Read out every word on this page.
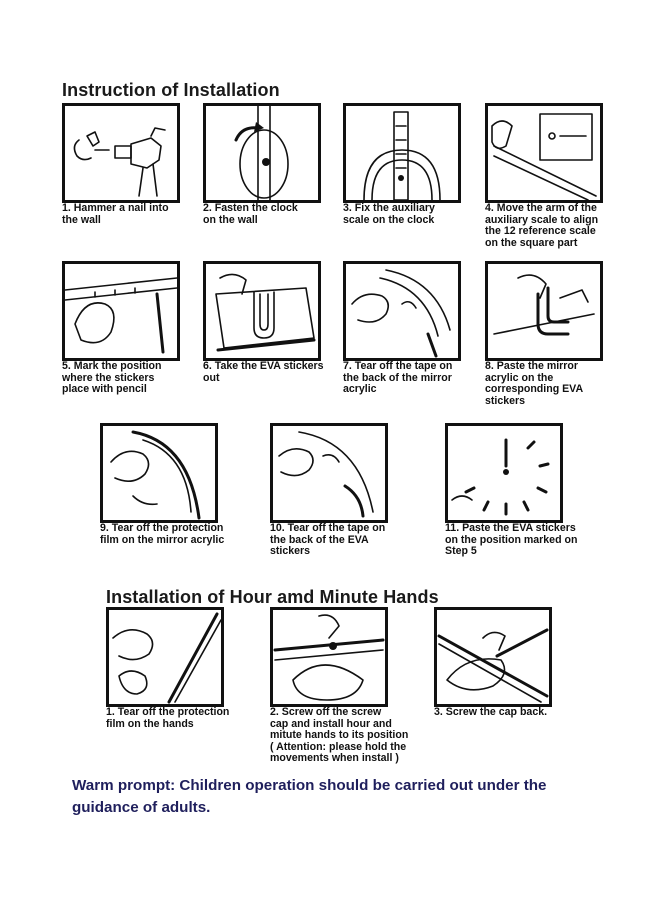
Instruction of Installation

1. Hammer a nail into
the wall

2. Fasten the clock
on the wall

3. Fix the auxiliary
scale on the clock

4. Move the arm of the
auxiliary scale to align
the 12 reference scale
on the square part

5. Mark the position
where the stickers
place with pencil

6. Take the EVA stickers
out

7. Tear off the tape on
the back of the mirror
acrylic

8. Paste the mirror
acrylic on the
corresponding EVA
stickers

9. Tear off the protection
film on the mirror acrylic

10. Tear off the tape on
the back of the EVA
stickers

11. Paste the EVA stickers
on the position marked on
Step 5

Installation of Hour amd Minute Hands

1. Tear off the protection
film on the hands

2. Screw off the screw
cap and install hour and
mitute hands to its position
( Attention: please hold the
movements when install )

3. Screw the cap back.

Warm prompt: Children operation should be carried out under the
guidance of adults.
